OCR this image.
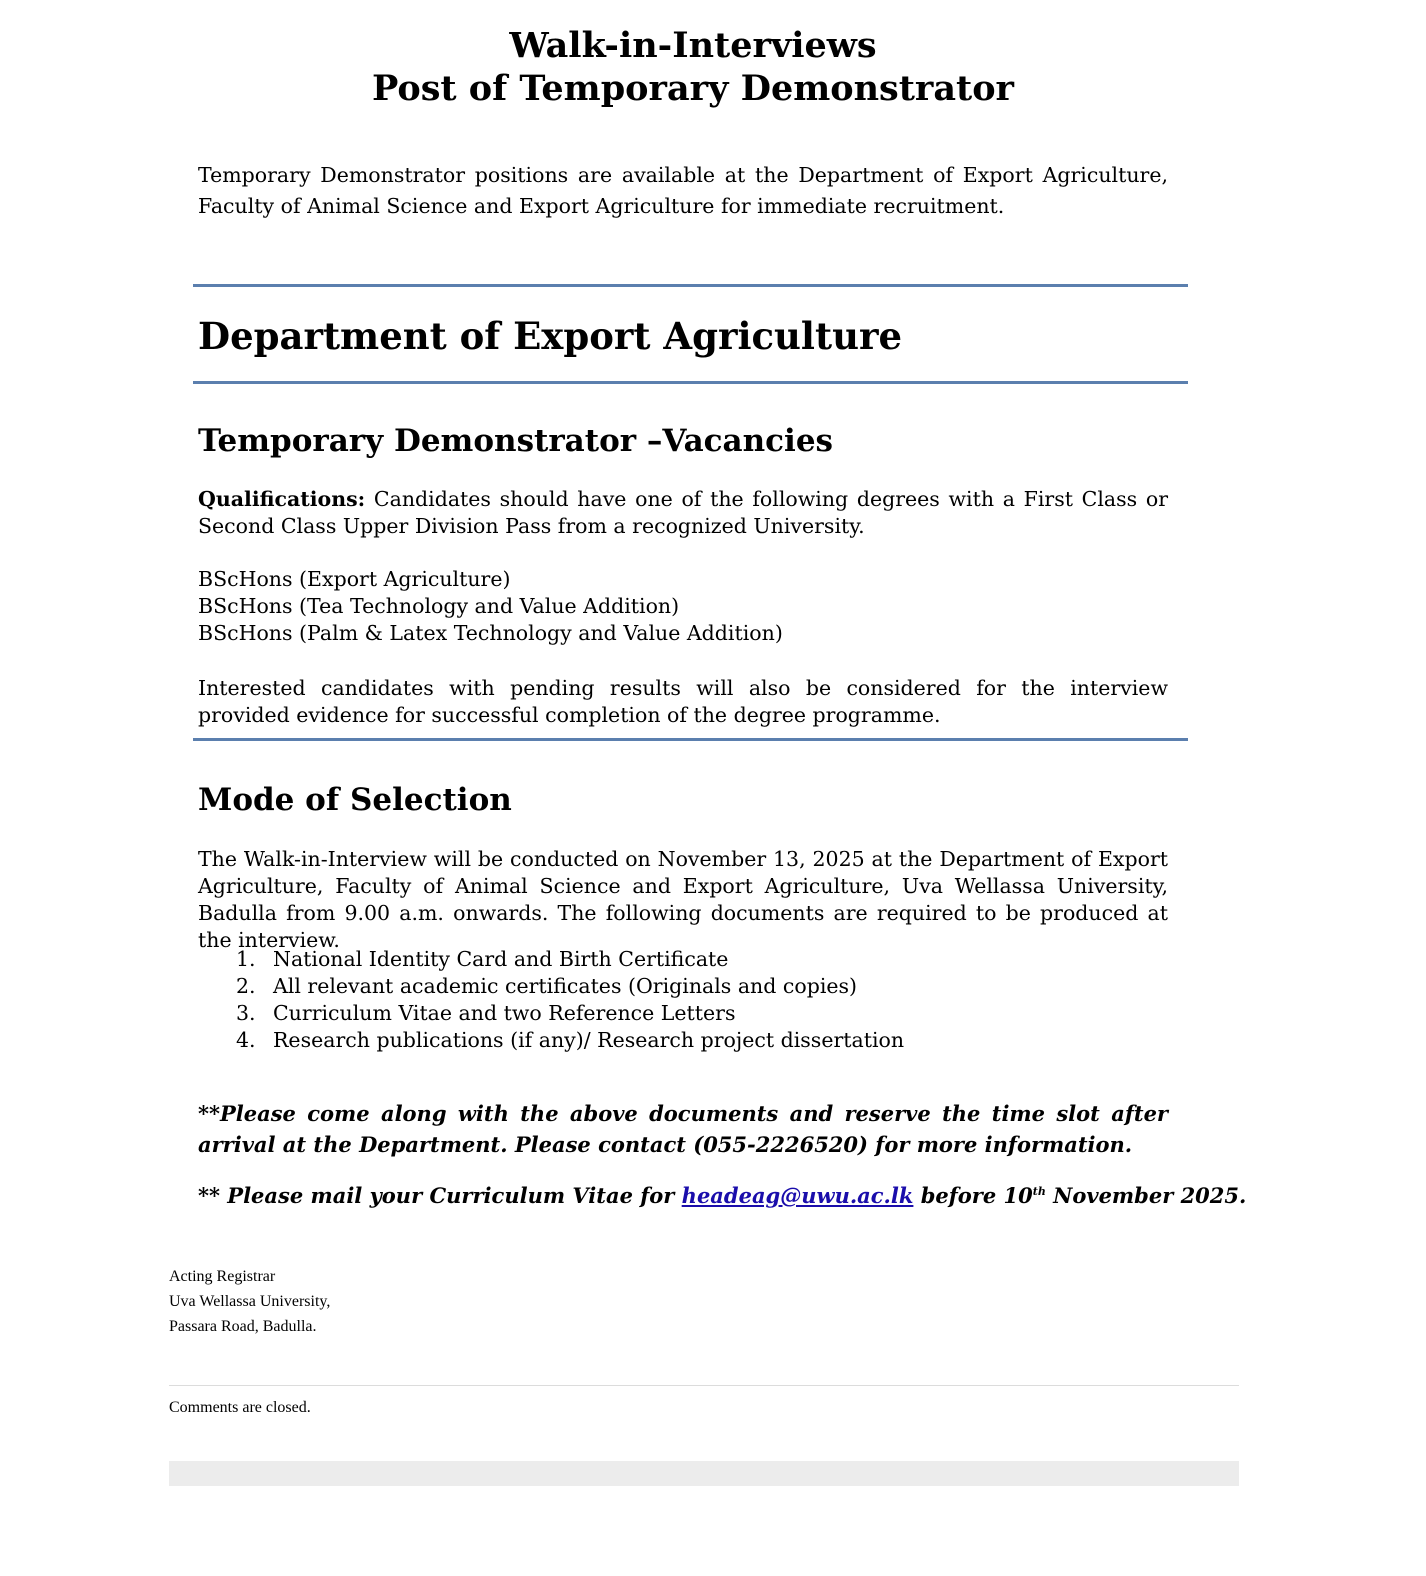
Walk-in-Interviews
Post of Temporary Demonstrator
Temporary Demonstrator positions are available at the Department of Export Agriculture, Faculty of Animal Science and Export Agriculture for immediate recruitment.
Department of Export Agriculture
Temporary Demonstrator –Vacancies
Qualifications: Candidates should have one of the following degrees with a First Class or Second Class Upper Division Pass from a recognized University.
BScHons (Export Agriculture)
BScHons (Tea Technology and Value Addition)
BScHons (Palm & Latex Technology and Value Addition)
Interested candidates with pending results will also be considered for the interview provided evidence for successful completion of the degree programme.
Mode of Selection
The Walk-in-Interview will be conducted on November 13, 2025 at the Department of Export Agriculture, Faculty of Animal Science and Export Agriculture, Uva Wellassa University, Badulla from 9.00 a.m. onwards. The following documents are required to be produced at the interview.
1. National Identity Card and Birth Certificate
2. All relevant academic certificates (Originals and copies)
3. Curriculum Vitae and two Reference Letters
4. Research publications (if any)/ Research project dissertation
**Please come along with the above documents and reserve the time slot after arrival at the Department. Please contact (055-2226520) for more information.
** Please mail your Curriculum Vitae for headeag@uwu.ac.lk before 10th November 2025.
Acting Registrar
Uva Wellassa University,
Passara Road, Badulla.
Comments are closed.
